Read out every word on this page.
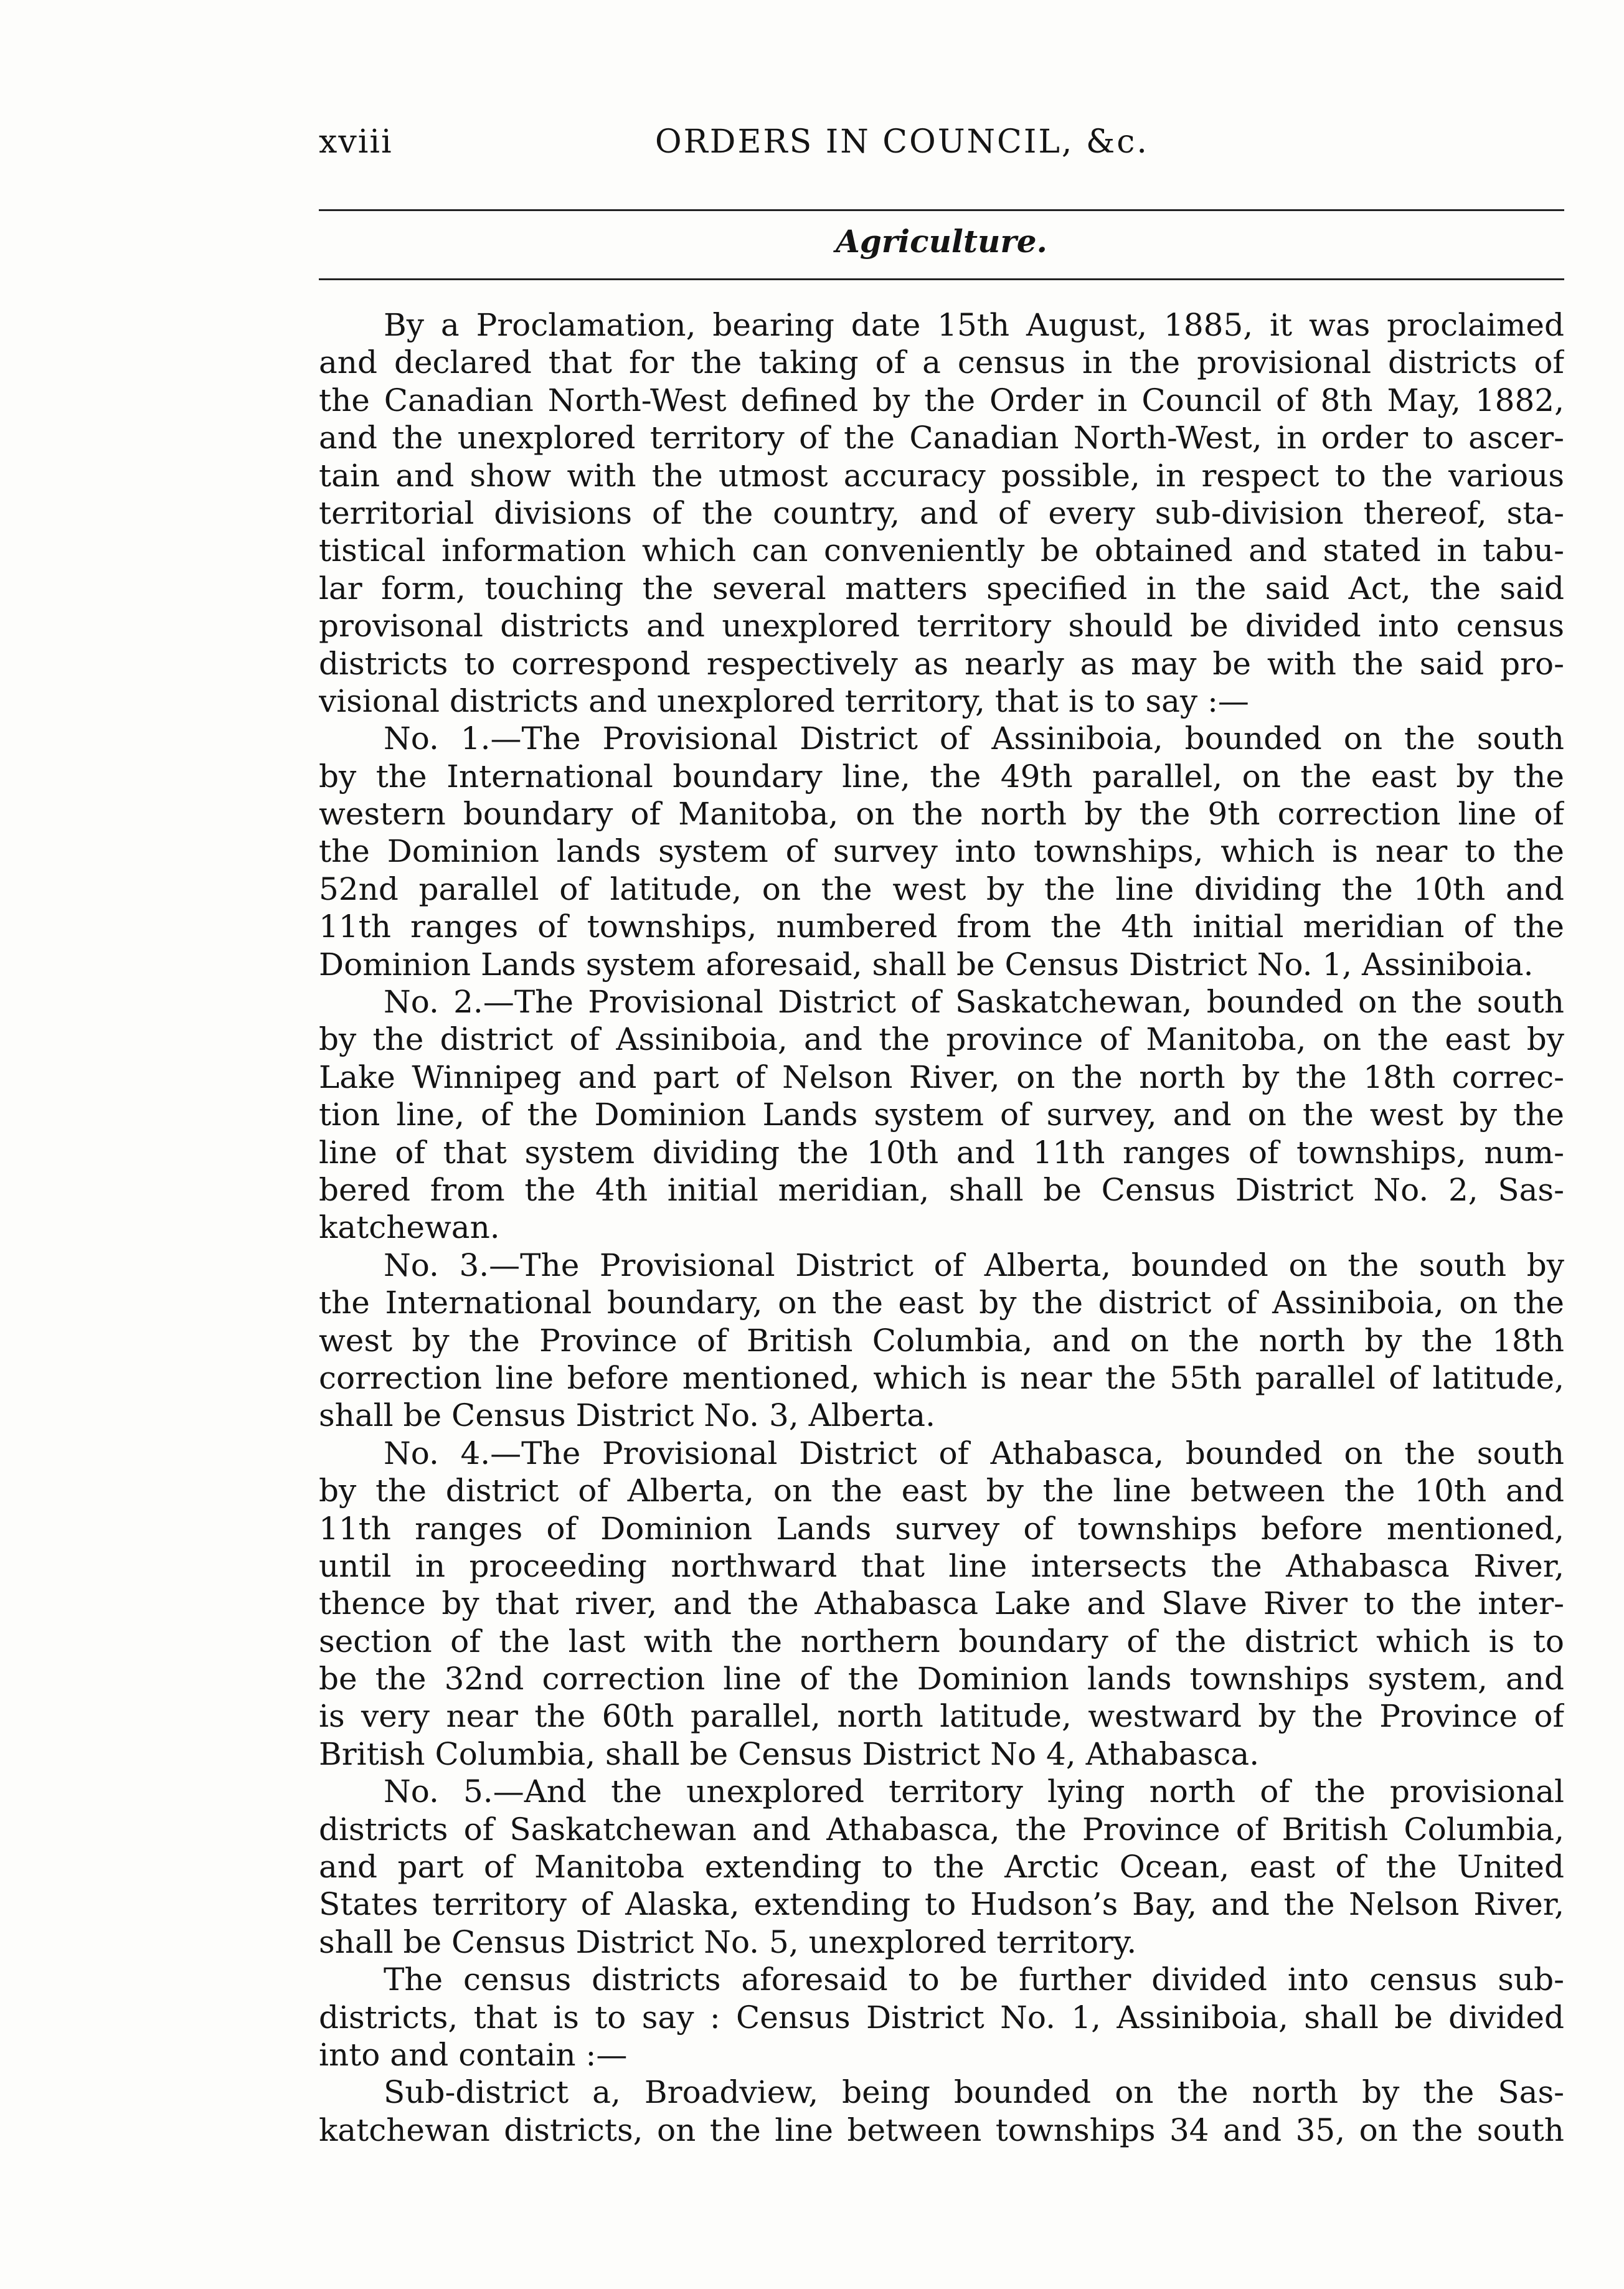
xviii	ORDERS IN COUNCIL, &c.
Agriculture.
By a Proclamation, bearing date 15th August, 1885, it was proclaimed
and declared that for the taking of a census in the provisional districts of
the Canadian North-West defined by the Order in Council of 8th May, 1882,
and the unexplored territory of the Canadian North-West, in order to ascer-
tain and show with the utmost accuracy possible, in respect to the various
territorial divisions of the country, and of every sub-division thereof, sta-
tistical information which can conveniently be obtained and stated in tabu-
lar form, touching the several matters specified in the said Act, the said
provisonal districts and unexplored territory should be divided into census
districts to correspond respectively as nearly as may be with the said pro-
visional districts and unexplored territory, that is to say :—
No. 1.—The Provisional District of Assiniboia, bounded on the south
by the International boundary line, the 49th parallel, on the east by the
western boundary of Manitoba, on the north by the 9th correction line of
the Dominion lands system of survey into townships, which is near to the
52nd parallel of latitude, on the west by the line dividing the 10th and
11th ranges of townships, numbered from the 4th initial meridian of the
Dominion Lands system aforesaid, shall be Census District No. 1, Assiniboia.
No. 2.—The Provisional District of Saskatchewan, bounded on the south
by the district of Assiniboia, and the province of Manitoba, on the east by
Lake Winnipeg and part of Nelson River, on the north by the 18th correc-
tion line, of the Dominion Lands system of survey, and on the west by the
line of that system dividing the 10th and 11th ranges of townships, num-
bered from the 4th initial meridian, shall be Census District No. 2, Sas-
katchewan.
No. 3.—The Provisional District of Alberta, bounded on the south by
the International boundary, on the east by the district of Assiniboia, on the
west by the Province of British Columbia, and on the north by the 18th
correction line before mentioned, which is near the 55th parallel of latitude,
shall be Census District No. 3, Alberta.
No. 4.—The Provisional District of Athabasca, bounded on the south
by the district of Alberta, on the east by the line between the 10th and
11th ranges of Dominion Lands survey of townships before mentioned,
until in proceeding northward that line intersects the Athabasca River,
thence by that river, and the Athabasca Lake and Slave River to the inter-
section of the last with the northern boundary of the district which is to
be the 32nd correction line of the Dominion lands townships system, and
is very near the 60th parallel, north latitude, westward by the Province of
British Columbia, shall be Census District No 4, Athabasca.
No. 5.—And the unexplored territory lying north of the provisional
districts of Saskatchewan and Athabasca, the Province of British Columbia,
and part of Manitoba extending to the Arctic Ocean, east of the United
States territory of Alaska, extending to Hudson’s Bay, and the Nelson River,
shall be Census District No. 5, unexplored territory.
The census districts aforesaid to be further divided into census sub-
districts, that is to say : Census District No. 1, Assiniboia, shall be divided
into and contain :—
Sub-district a, Broadview, being bounded on the north by the Sas-
katchewan districts, on the line between townships 34 and 35, on the south
